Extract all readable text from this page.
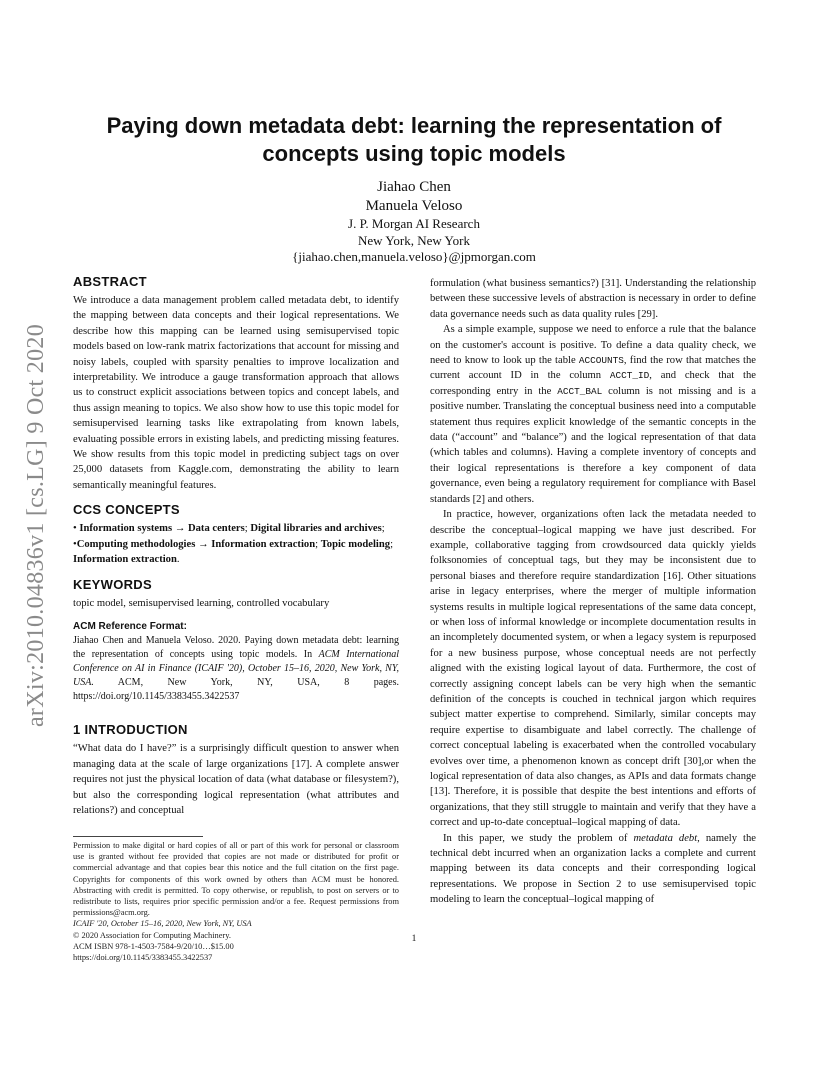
arXiv:2010.04836v1 [cs.LG] 9 Oct 2020
Paying down metadata debt: learning the representation of concepts using topic models
Jiahao Chen
Manuela Veloso
J. P. Morgan AI Research
New York, New York
{jiahao.chen,manuela.veloso}@jpmorgan.com
ABSTRACT

We introduce a data management problem called metadata debt, to identify the mapping between data concepts and their logical representations. We describe how this mapping can be learned using semisupervised topic models based on low-rank matrix factorizations that account for missing and noisy labels, coupled with sparsity penalties to improve localization and interpretability. We introduce a gauge transformation approach that allows us to construct explicit associations between topics and concept labels, and thus assign meaning to topics. We also show how to use this topic model for semisupervised learning tasks like extrapolating from known labels, evaluating possible errors in existing labels, and predicting missing features. We show results from this topic model in predicting subject tags on over 25,000 datasets from Kaggle.com, demonstrating the ability to learn semantically meaningful features.

CCS CONCEPTS

• Information systems → Data centers; Digital libraries and archives; •Computing methodologies → Information extraction; Topic modeling; Information extraction.

KEYWORDS

topic model, semisupervised learning, controlled vocabulary

ACM Reference Format:

Jiahao Chen and Manuela Veloso. 2020. Paying down metadata debt: learning the representation of concepts using topic models. In ACM International Conference on AI in Finance (ICAIF '20), October 15–16, 2020, New York, NY, USA. ACM, New York, NY, USA, 8 pages. https://doi.org/10.1145/3383455.3422537

1 INTRODUCTION

“What data do I have?” is a surprisingly difficult question to answer when managing data at the scale of large organizations [17]. A complete answer requires not just the physical location of data (what database or filesystem?), but also the corresponding logical representation (what attributes and relations?) and conceptual

Permission to make digital or hard copies of all or part of this work for personal or classroom use is granted without fee provided that copies are not made or distributed for profit or commercial advantage and that copies bear this notice and the full citation on the first page. Copyrights for components of this work owned by others than ACM must be honored. Abstracting with credit is permitted. To copy otherwise, or republish, to post on servers or to redistribute to lists, requires prior specific permission and/or a fee. Request permissions from permissions@acm.org.

ICAIF '20, October 15–16, 2020, New York, NY, USA

© 2020 Association for Computing Machinery.

ACM ISBN 978-1-4503-7584-9/20/10…$15.00

https://doi.org/10.1145/3383455.3422537

formulation (what business semantics?) [31]. Understanding the relationship between these successive levels of abstraction is necessary in order to define data governance needs such as data quality rules [29].

As a simple example, suppose we need to enforce a rule that the balance on the customer's account is positive. To define a data quality check, we need to know to look up the table ACCOUNTS, find the row that matches the current account ID in the column ACCT_ID, and check that the corresponding entry in the ACCT_BAL column is not missing and is a positive number. Translating the conceptual business need into a computable statement thus requires explicit knowledge of the semantic concepts in the data (“account” and “balance”) and the logical representation of that data (which tables and columns). Having a complete inventory of concepts and their logical representations is therefore a key component of data governance, even being a regulatory requirement for compliance with Basel standards [2] and others.

In practice, however, organizations often lack the metadata needed to describe the conceptual–logical mapping we have just described. For example, collaborative tagging from crowdsourced data quickly yields folksonomies of conceptual tags, but they may be inconsistent due to personal biases and therefore require standardization [16]. Other situations arise in legacy enterprises, where the merger of multiple information systems results in multiple logical representations of the same data concept, or when loss of informal knowledge or incomplete documentation results in an incompletely documented system, or when a legacy system is repurposed for a new business purpose, whose conceptual needs are not perfectly aligned with the existing logical layout of data. Furthermore, the cost of correctly assigning concept labels can be very high when the semantic definition of the concepts is couched in technical jargon which requires subject matter expertise to comprehend. Similarly, similar concepts may require expertise to disambiguate and label correctly. The challenge of correct conceptual labeling is exacerbated when the controlled vocabulary evolves over time, a phenomenon known as concept drift [30],or when the logical representation of data also changes, as APIs and data formats change [13]. Therefore, it is possible that despite the best intentions and efforts of organizations, that they still struggle to maintain and verify that they have a correct and up-to-date conceptual–logical mapping of data.

In this paper, we study the problem of metadata debt, namely the technical debt incurred when an organization lacks a complete and current mapping between its data concepts and their corresponding logical representations. We propose in Section 2 to use semisupervised topic modeling to learn the conceptual–logical mapping of

1
